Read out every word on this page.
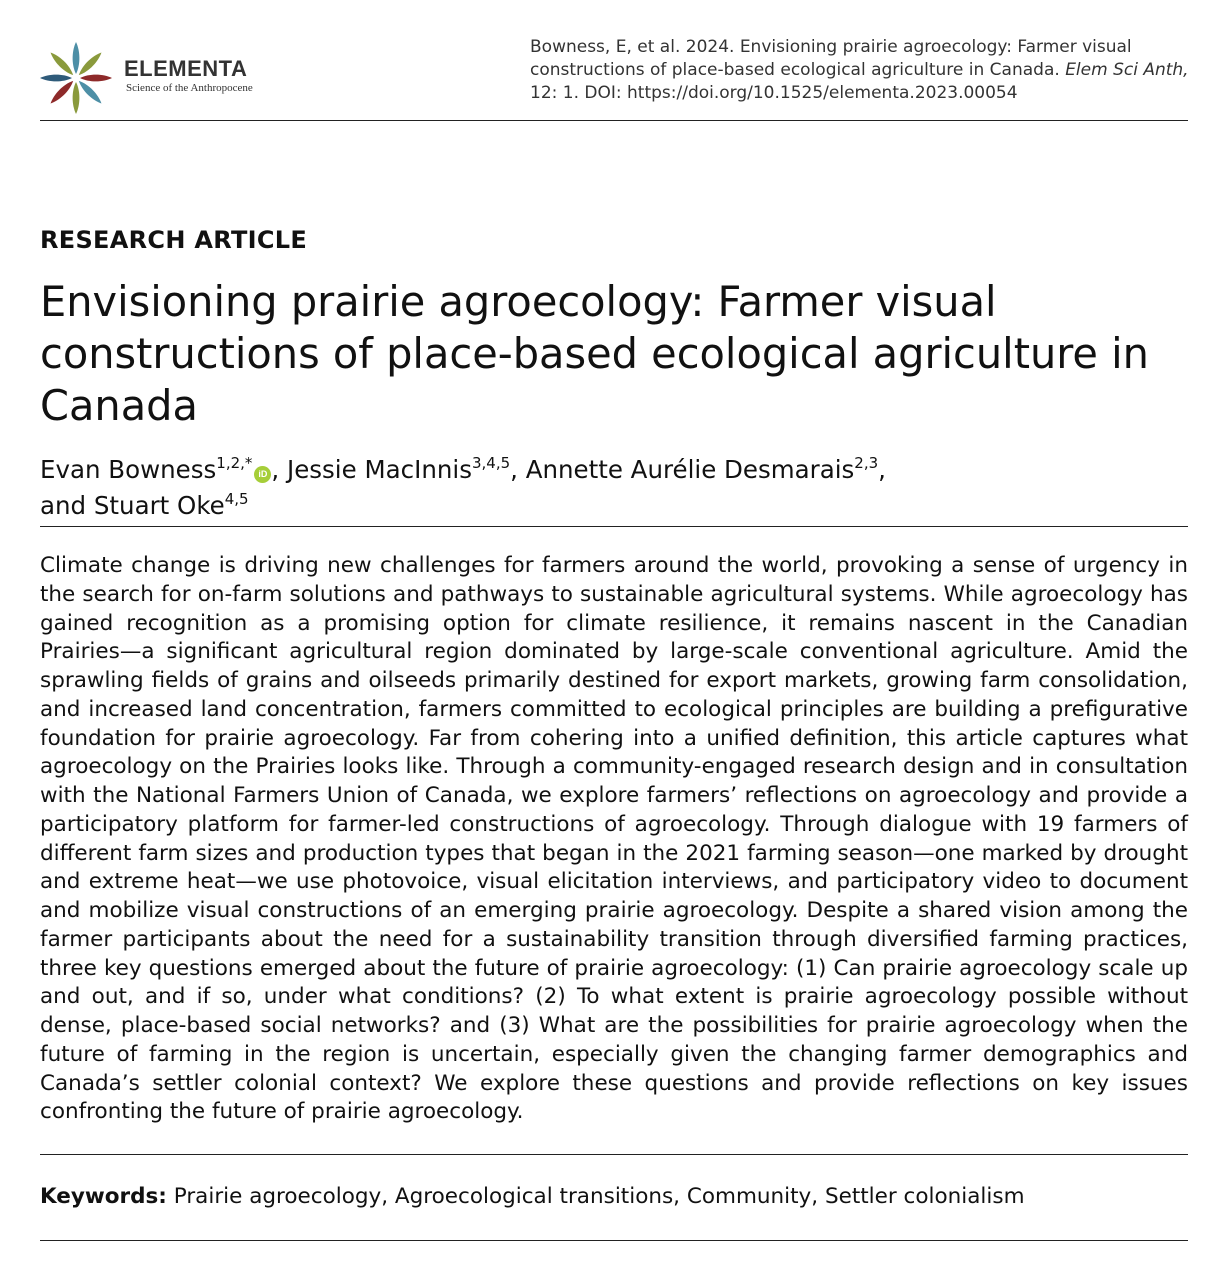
ELEMENTA
Science of the Anthropocene
Bowness, E, et al. 2024. Envisioning prairie agroecology: Farmer visual constructions of place-based ecological agriculture in Canada. Elem Sci Anth, 12: 1. DOI: https://doi.org/10.1525/elementa.2023.00054
RESEARCH ARTICLE
Envisioning prairie agroecology: Farmer visual constructions of place-based ecological agriculture in Canada
Evan Bowness$^{1,2,*}$iD , Jessie MacInnis$^{3,4,5}$, Annette Aurélie Desmarais$^{2,3}$,
and Stuart Oke$^{4,5}$

Climate change is driving new challenges for farmers around the world, provoking a sense of urgency in the search for on-farm solutions and pathways to sustainable agricultural systems. While agroecology has gained recognition as a promising option for climate resilience, it remains nascent in the Canadian Prairies—a significant agricultural region dominated by large-scale conventional agriculture. Amid the sprawling fields of grains and oilseeds primarily destined for export markets, growing farm consolidation, and increased land concentration, farmers committed to ecological principles are building a prefigurative foundation for prairie agroecology. Far from cohering into a unified definition, this article captures what agroecology on the Prairies looks like. Through a community-engaged research design and in consultation with the National Farmers Union of Canada, we explore farmers’ reflections on agroecology and provide a participatory platform for farmer-led constructions of agroecology. Through dialogue with 19 farmers of different farm sizes and production types that began in the 2021 farming season—one marked by drought and extreme heat—we use photovoice, visual elicitation interviews, and participatory video to document and mobilize visual constructions of an emerging prairie agroecology. Despite a shared vision among the farmer participants about the need for a sustainability transition through diversified farming practices, three key questions emerged about the future of prairie agroecology: (1) Can prairie agroecology scale up and out, and if so, under what conditions? (2) To what extent is prairie agroecology possible without dense, place-based social networks? and (3) What are the possibilities for prairie agroecology when the future of farming in the region is uncertain, especially given the changing farmer demographics and Canada’s settler colonial context? We explore these questions and provide reflections on key issues confronting the future of prairie agroecology.

Keywords: Prairie agroecology, Agroecological transitions, Community, Settler colonialism
